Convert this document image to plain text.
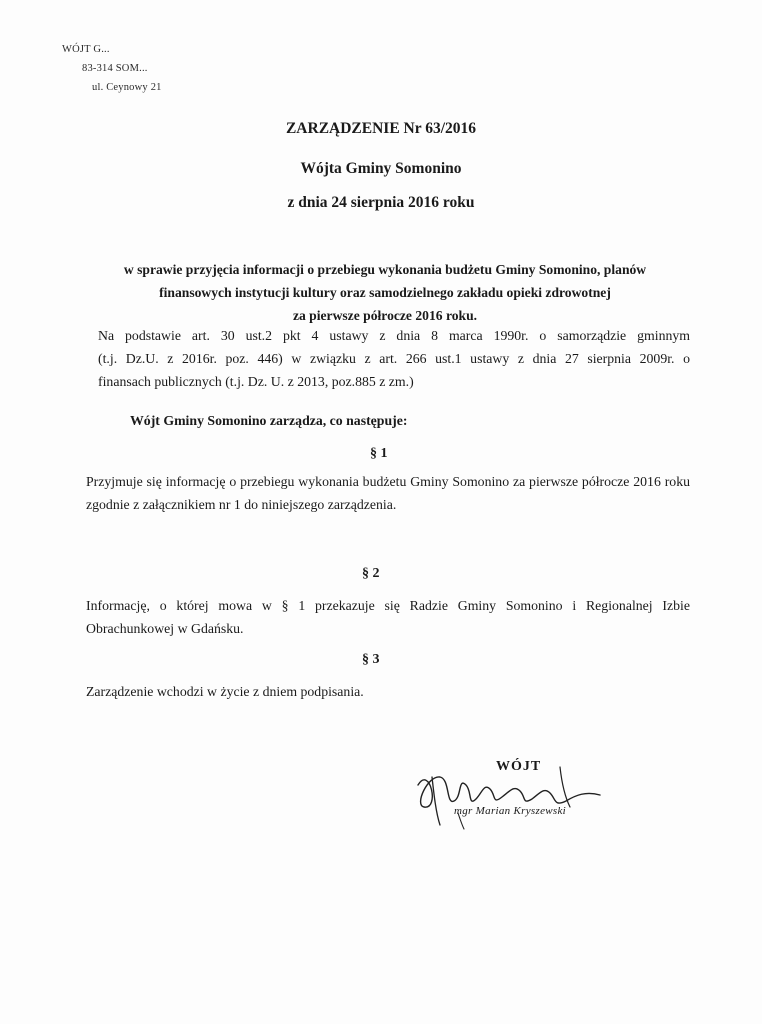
WÓJT G...
83-314 SOM...
ul. Ceynowy 21
ZARZĄDZENIE Nr 63/2016
Wójta Gminy Somonino
z dnia 24 sierpnia 2016 roku
w sprawie przyjęcia informacji o przebiegu wykonania budżetu Gminy Somonino, planów
finansowych instytucji kultury oraz samodzielnego zakładu opieki zdrowotnej
za pierwsze półrocze 2016 roku.
Na podstawie art. 30 ust.2 pkt 4 ustawy z dnia 8 marca 1990r. o samorządzie gminnym
(t.j. Dz.U. z 2016r. poz. 446) w związku z art. 266 ust.1 ustawy z dnia 27 sierpnia 2009r. o
finansach publicznych (t.j. Dz. U. z 2013, poz.885 z zm.)
Wójt Gminy Somonino zarządza, co następuje:
§ 1
Przyjmuje się informację o przebiegu wykonania budżetu Gminy Somonino za pierwsze półrocze 2016 roku zgodnie z załącznikiem nr 1 do niniejszego zarządzenia.
§ 2
Informację, o której mowa w § 1 przekazuje się Radzie Gminy Somonino i Regionalnej Izbie Obrachunkowej w Gdańsku.
§ 3
Zarządzenie wchodzi w życie z dniem podpisania.
WÓJT
mgr Marian Kryszewski
